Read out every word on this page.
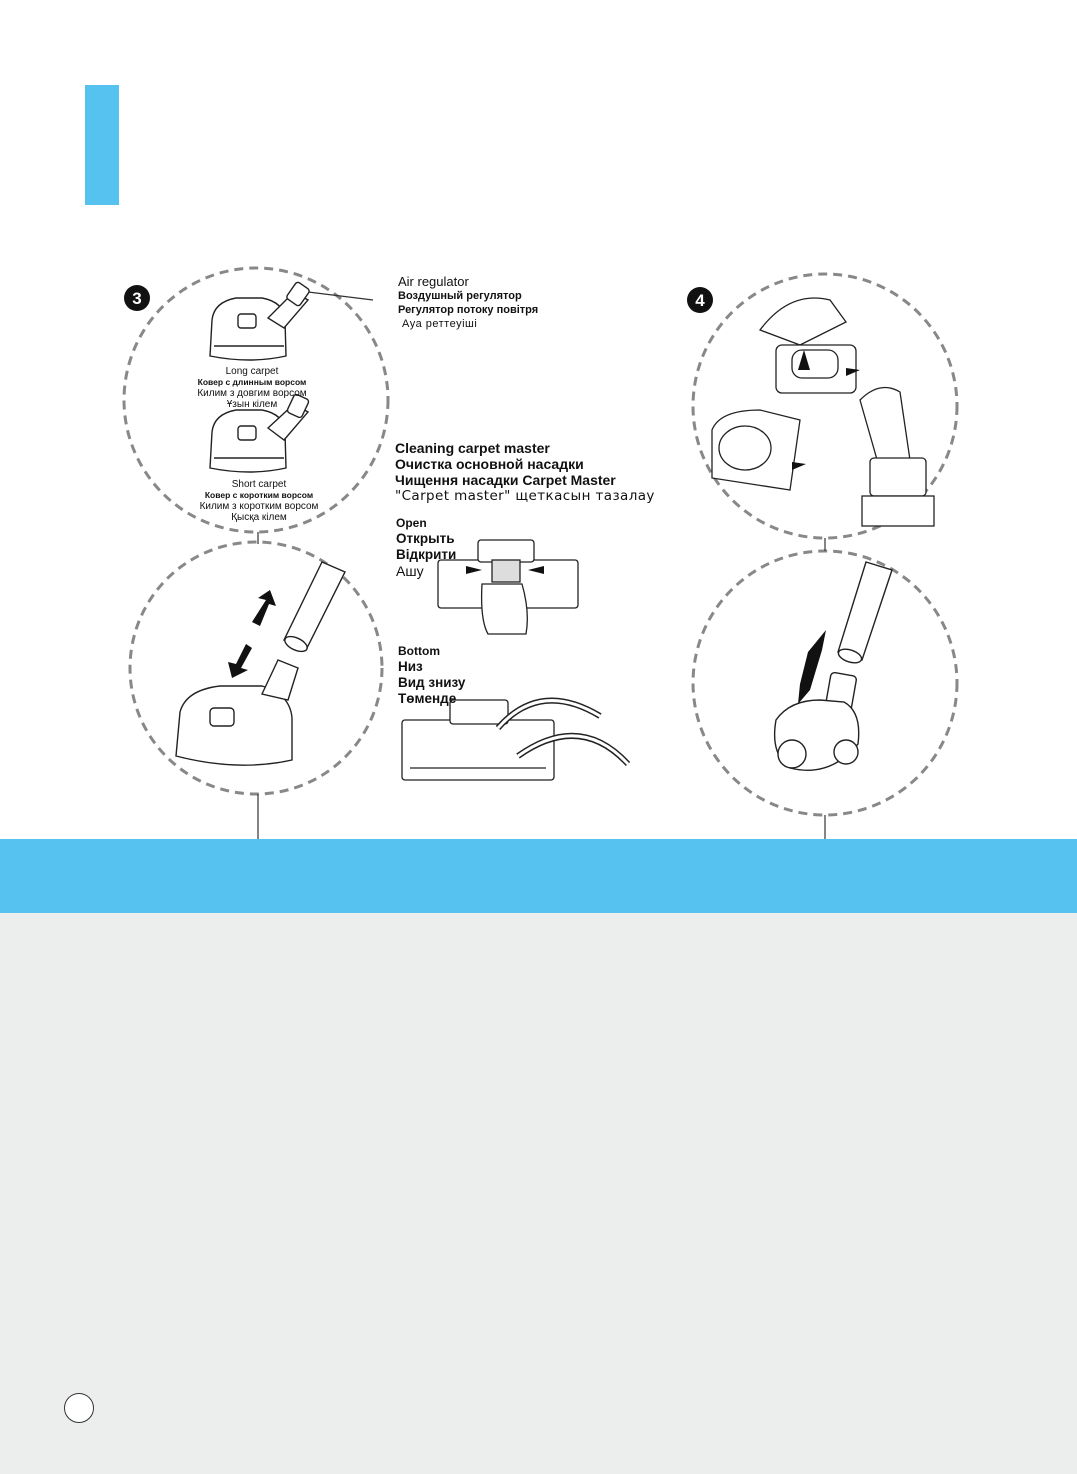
3	4
Air regulator
Воздушный регулятор
Регулятор потоку повітря
Ауа реттеуіші
Long carpet
Ковер с длинным ворсом
Килим з довгим ворсом
Ұзын кілем
Short carpet
Ковер с коротким ворсом
Килим з коротким ворсом
Қысқа кілем
Cleaning carpet master
Очистка основной насадки
Чищення насадки Carpet Master
"Carpet master" щеткасын тазалау
Open
Открыть
Відкрити
Ашу
Bottom
Низ
Вид знизу
Төменде
